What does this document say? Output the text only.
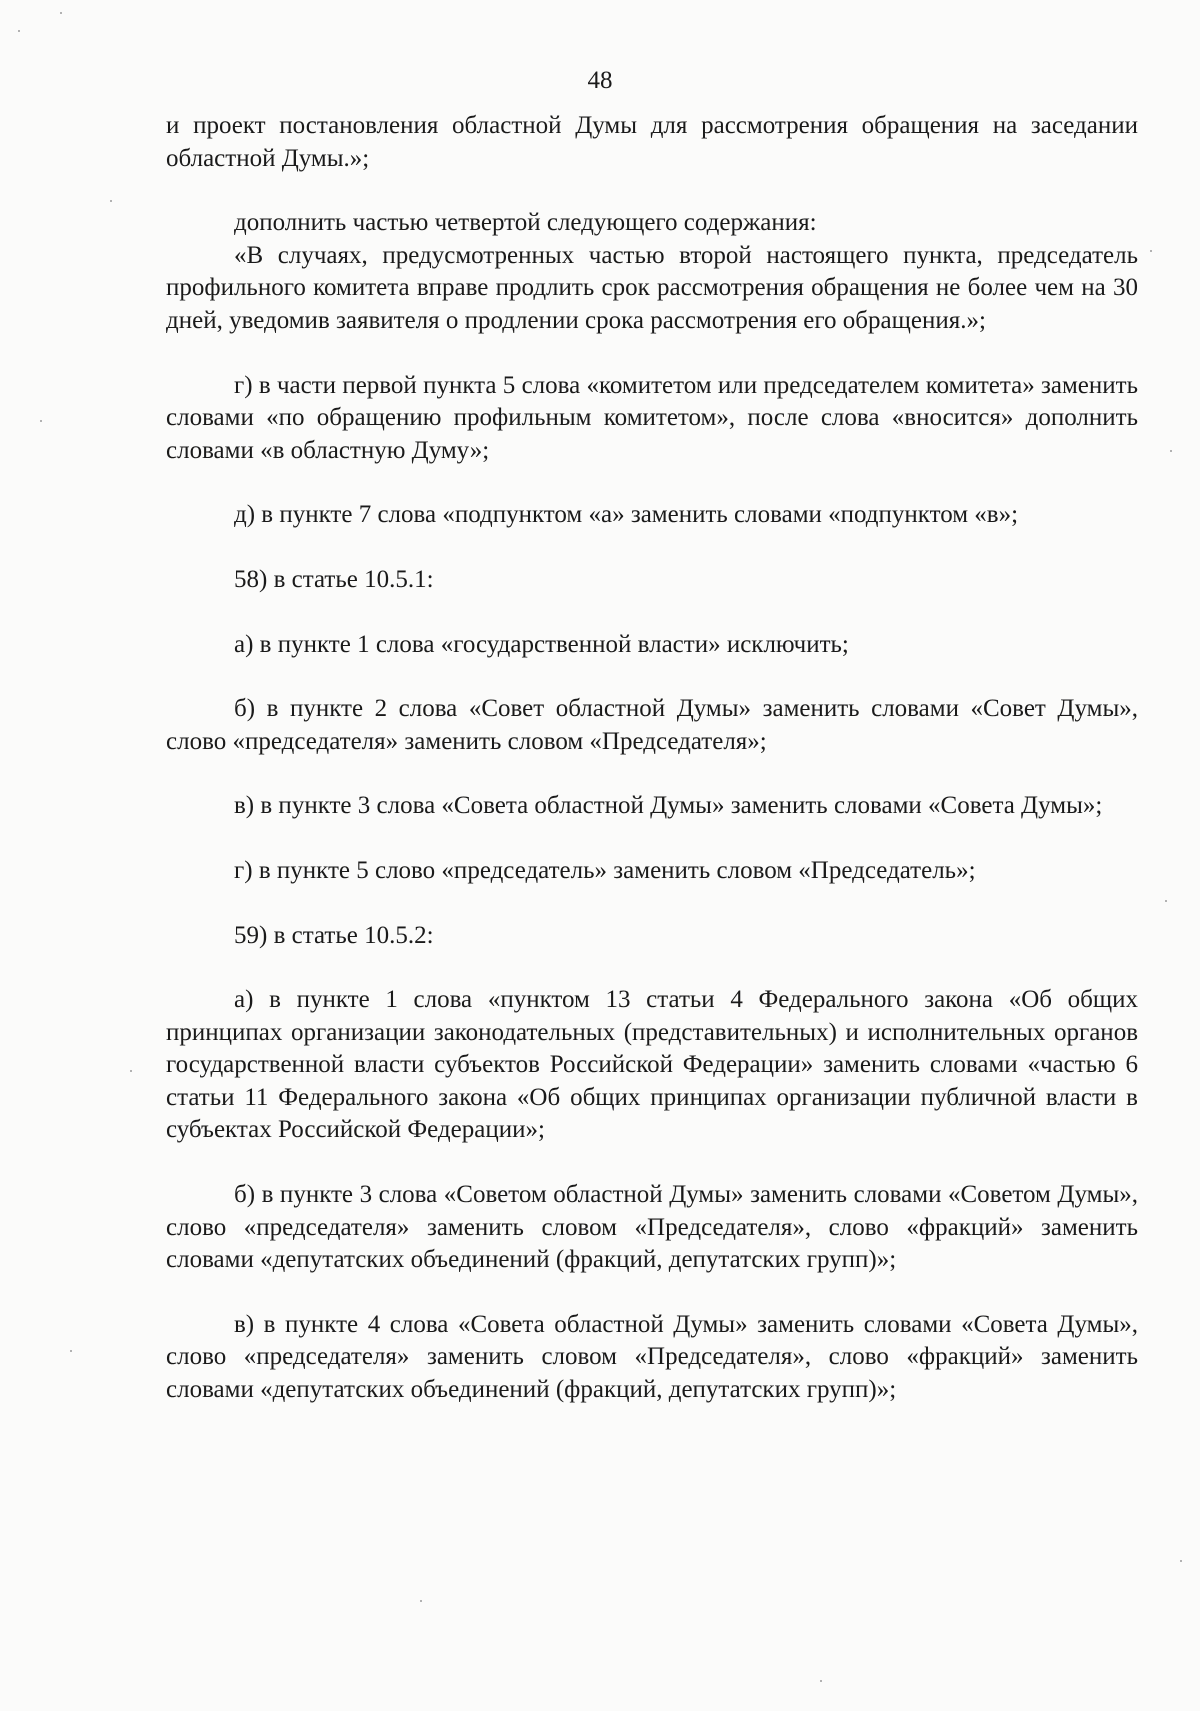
48

и проект постановления областной Думы для рассмотрения обращения на заседании областной Думы.»;

дополнить частью четвертой следующего содержания:

«В случаях, предусмотренных частью второй настоящего пункта, председатель профильного комитета вправе продлить срок рассмотрения обращения не более чем на 30 дней, уведомив заявителя о продлении срока рассмотрения его обращения.»;

г) в части первой пункта 5 слова «комитетом или председателем комитета» заменить словами «по обращению профильным комитетом», после слова «вносится» дополнить словами «в областную Думу»;

д) в пункте 7 слова «подпунктом «а» заменить словами «подпунктом «в»;

58) в статье 10.5.1:

а) в пункте 1 слова «государственной власти» исключить;

б) в пункте 2 слова «Совет областной Думы» заменить словами «Совет Думы», слово «председателя» заменить словом «Председателя»;

в) в пункте 3 слова «Совета областной Думы» заменить словами «Совета Думы»;

г) в пункте 5 слово «председатель» заменить словом «Председатель»;

59) в статье 10.5.2:

а) в пункте 1 слова «пунктом 13 статьи 4 Федерального закона «Об общих принципах организации законодательных (представительных) и исполнительных органов государственной власти субъектов Российской Федерации» заменить словами «частью 6 статьи 11 Федерального закона «Об общих принципах организации публичной власти в субъектах Российской Федерации»;

б) в пункте 3 слова «Советом областной Думы» заменить словами «Советом Думы», слово «председателя» заменить словом «Председателя», слово «фракций» заменить словами «депутатских объединений (фракций, депутатских групп)»;

в) в пункте 4 слова «Совета областной Думы» заменить словами «Совета Думы», слово «председателя» заменить словом «Председателя», слово «фракций» заменить словами «депутатских объединений (фракций, депутатских групп)»;
